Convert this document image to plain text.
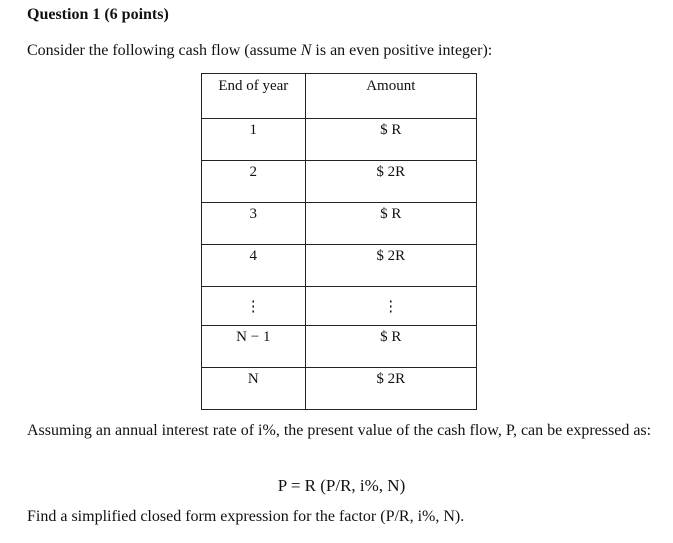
Question 1 (6 points)
Consider the following cash flow (assume N is an even positive integer):
End of year	Amount
1	$ R
2	$ 2R
3	$ R
4	$ 2R
⋮	⋮
N − 1	$ R
N	$ 2R
Assuming an annual interest rate of i%, the present value of the cash flow, P, can be expressed as:
P = R (P/R, i%, N)
Find a simplified closed form expression for the factor (P/R, i%, N).
